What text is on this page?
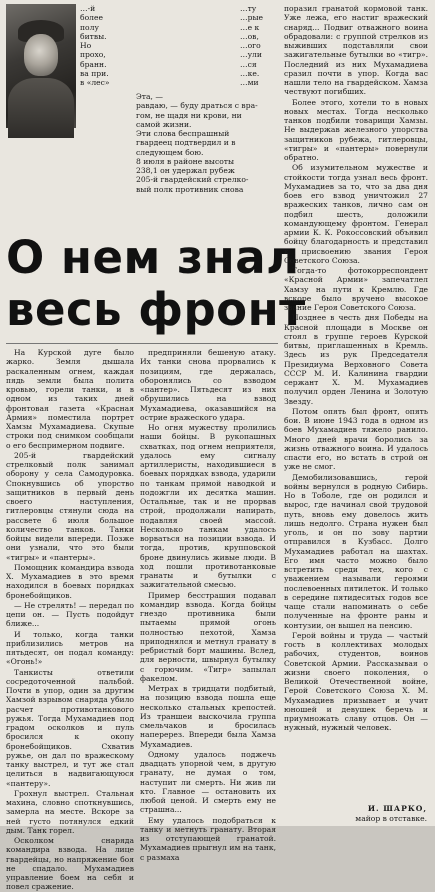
…-й
более
полу
битвы.
Но
прохо,
бранн.
ва при.
в «лес»
…ту
…рые
…е к
…ов,
…ого
…ули
…ся
…ке.
…ми
Эта, —
равдаю, — буду драться с вра-
гом, не щадя ни крови, ни
самой жизни.
Эти слова беспрашный
гвардеец подтвердил и в
следующем бою.
8 июля в районе высоты
238,1 он удержал рубеж
205-й гвардейский стрелко-
вый полк противник снова
О нем знал
весь фронт

На Курской дуге было жарко. Земля дышала раскаленным огнем, каждая пядь земли была полита кровью, горели танки, и в одном из таких дней фронтовая газета «Красная Армия» поместила портрет Хамзы Мухамадиева. Скупые строки под снимком сообщали о его беспримерном подвиге.

205-й гвардейский стрелковый полк занимал оборону у села Самодуровка. Спокнувшись об упорство защитников в первый день своего наступления, гитлеровцы стянули сюда на рассвете 6 июля большое количество танков. Танки бойцы видели впереди. Позже они узнали, что это были «тигры» и «пантеры».

Помощник командира взвода Х. Мухамадиев в это время находился в боевых порядках бронебойщиков.

— Не стрелять! — передал по цепи он. — Пусть подойдут ближе...

И только, когда танки приблизились метров на пятьдесят, он подал команду: «Огонь!»

Танкисты ответили сосредоточенной пальбой. Почти в упор, один за другим Хамзой взрывом снаряда убило расчет противотанкового ружья. Тогда Мухамадиев под градом осколков и пуль бросился к окопу бронебойщиков. Схватив ружье, он дал по вражескому танку выстрел, и тут же стал целиться в надвигающуюся «пантеру».

Грохнул выстрел. Стальная махина, словно споткнувшись, замерла на месте. Вскоре за ней густо потянулся едкий дым. Танк горел.

Осколком снаряда командира взвода. На лице гвардейцы, но напряжение боя не спадало. Мухамадиев управление боем на себя и повел сражение.

предприняли бешеную атаку. Их танки снова прорвались к позициям, где держалась, оборонялись со взводом «пантер». Пятьдесят из них обрушились на взвод Мухамадиева, оказавшийся на острие вражеского удара.

Но огня мужеству пролились наши бойцы. В рукопашных схватках, под огнем неприятеля, удалось ему сигналу артиллеристы, находившиеся в боевых порядках взвода, ударили по танкам прямой наводкой и подожгли их десятка машин. Остальные, так и не прорвав строй, продолжали напирать, подавляя своей массой. Несколько танкам удалось ворваться на позиции взвода. И тогда, против, крупповской броне двинулись живые люди. В ход пошли противотанковые гранаты и бутылки с зажигательной смесью.

Пример бесстрашия подавал командир взвода. Когда бойцы гнездо противника были пытаемы прямой огонь полностью пехотой, Хамза приподнялся и метнул гранату в ребристый борт машины. Вслед, для верности, швырнул бутылку с горючим. «Тигр» запылал факелом.

Метрах в тридцати подбитый, на позицию взвода пошла еще несколько стальных крепостей. Из траншеи выскочила группа смельчаков и бросилась наперерез. Впереди была Хамза Мухамадиев.

Одному удалось поджечь двадцать упорной чем, в другую гранату, не думая о том, наступит ли смерть. Ни жив ли кто. Главное — остановить их любой ценой. И смерть ему не страшна...

Ему удалось подобраться к танку и метнуть гранату. Вторая из отступающей гранатой. Мухамадиев прыгнул им на танк, с размаха

поразил гранатой кормовой танк. Уже лежа, его настиг вражеский снаряд... Подвиг отважного воина обрадовали: с группой стрелков из выживших подставляли свои зажигательные бутылки во «тигр». Последний из них Мухамадиева сразил почти в упор. Когда вас нашли тело на гвардейском. Хамза чествуют погибших.

Более этого, хотели то в новых новых местах. Тогда несколько танков подбили товарищи Хамзы. Не выдержав железного упорства защитников рубежа, гитлеровцы, «тигры» и «пантеры» повернули обратно.

Об изумительном мужестве и стойкости тогда узнал весь фронт. Мухамадиев за то, что за два дня боев его взвод уничтожил 27 вражеских танков, лично сам он подбил шесть, доложили командующему фронтом. Генерал армии К. К. Рокоссовский объявил бойцу благодарность и представил к присвоению звания Героя Советского Союза.

Тогда-то фотокорреспондент «Красной Армии» запечатлел Хамзу на пути к Кремлю. Где вскоре было вручено высокое звание Героя Советского Союза.

Позднее в честь дня Победы на Красной площади в Москве он стоял в группе героев Курской битвы, приглашенных в Кремль. Здесь из рук Председателя Президиума Верховного Совета СССР М. И. Калинина гвардии сержант Х. М. Мухамадиев получил орден Ленина и Золотую Звезду.

Потом опять был фронт, опять бои. В июне 1943 года в одном из боев Мухамадиев тяжело ранило. Много дней врачи боролись за жизнь отважного воина. И удалось спасти его, но встать в строй он уже не смог.

Демобилизовавшись, герой войны вернулся в родную Сибирь. Но в Тоболе, где он родился и вырос, где начинал свой трудовой путь, вновь ему довелось жить лишь недолго. Страна нужен был уголь, и он по зову партии отправился в Кузбасс. Долго Мухамадиев работал на шахтах. Его имя часто можно было встретить среди тех, кого с уважением называли героями послевоенных пятилеток. И только в середине пятидесятых годов все чаще стали напоминать о себе полученные на фронте раны и контузии, он вышел на пенсию.

Герой войны и труда — частый гость в коллективах молодых рабочих, студентов, воинов Советской Армии. Рассказывая о жизни своего поколения, о Великой Отечественной войне, Герой Советского Союза Х. М. Мухамадиев призывает и учит юношей и девушек беречь и приумножать славу отцов. Он — нужный, нужный человек.

И. ШАРКО,
майор в отставке.
